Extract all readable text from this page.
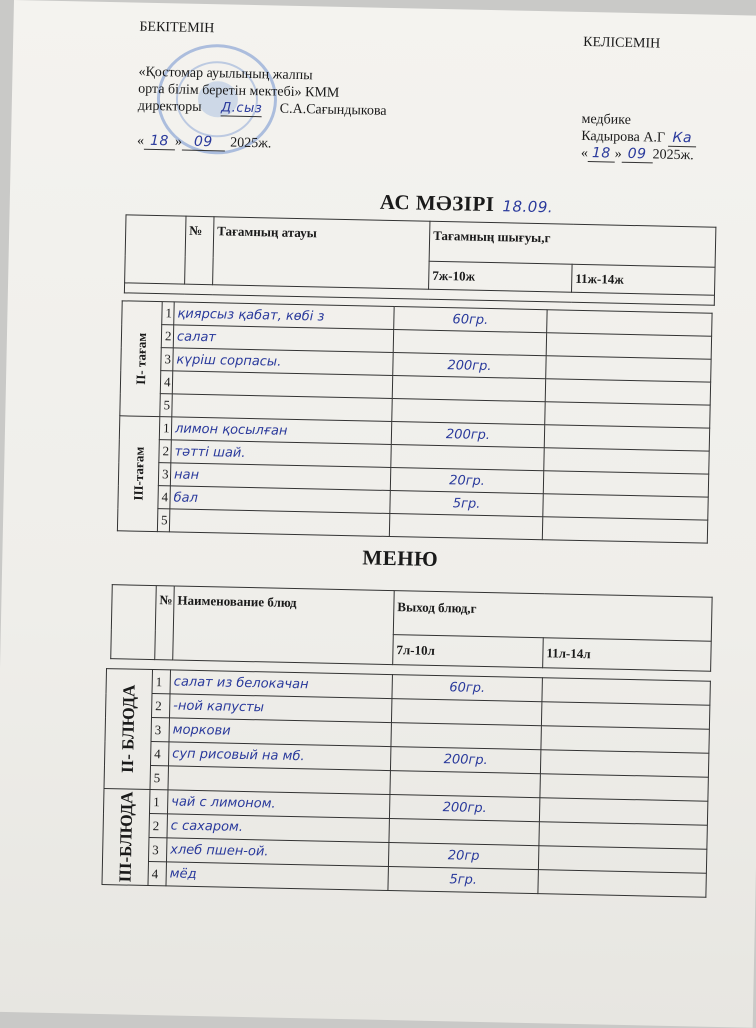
БЕКІТЕМІН
«Қостомар ауылының жалпы
орта білім беретін мектебі» КММ
директоры Д.сыз С.А.Сағындыкова
« 18 » 09 2025ж.
КЕЛІСЕМІН
медбике
Кадырова А.Г Ка
« 18 » 09 2025ж.
АС МӘЗІРІ 18.09.
	№	Тағамның атауы	Тағамның шығуы,г	
			7ж-10ж	11ж-14ж

II- тағам	1	қиярсыз қабат, көбі з	60гр.	
	2	салат		
	3	күріш сорпасы.	200гр.	
	4			
	5			

III-тағам	1	лимон қосылған	200гр.	
	2	тәтті шай.		
	3	нан	20гр.	
	4	бал	5гр.	
	5			
МЕНЮ
	№	Наименование блюд	Выход блюд,г	
			7л-10л	11л-14л
II- БЛЮДА	1	салат из белокачан	60гр.	
	2	-ной капусты		
	3	моркови		
	4	суп рисовый на мб.	200гр.	
	5			

III-БЛЮДА	1	чай с лимоном.	200гр.	
	2	с сахаром.		
	3	хлеб пшен-ой.	20гр	
	4	мёд	5гр.	
